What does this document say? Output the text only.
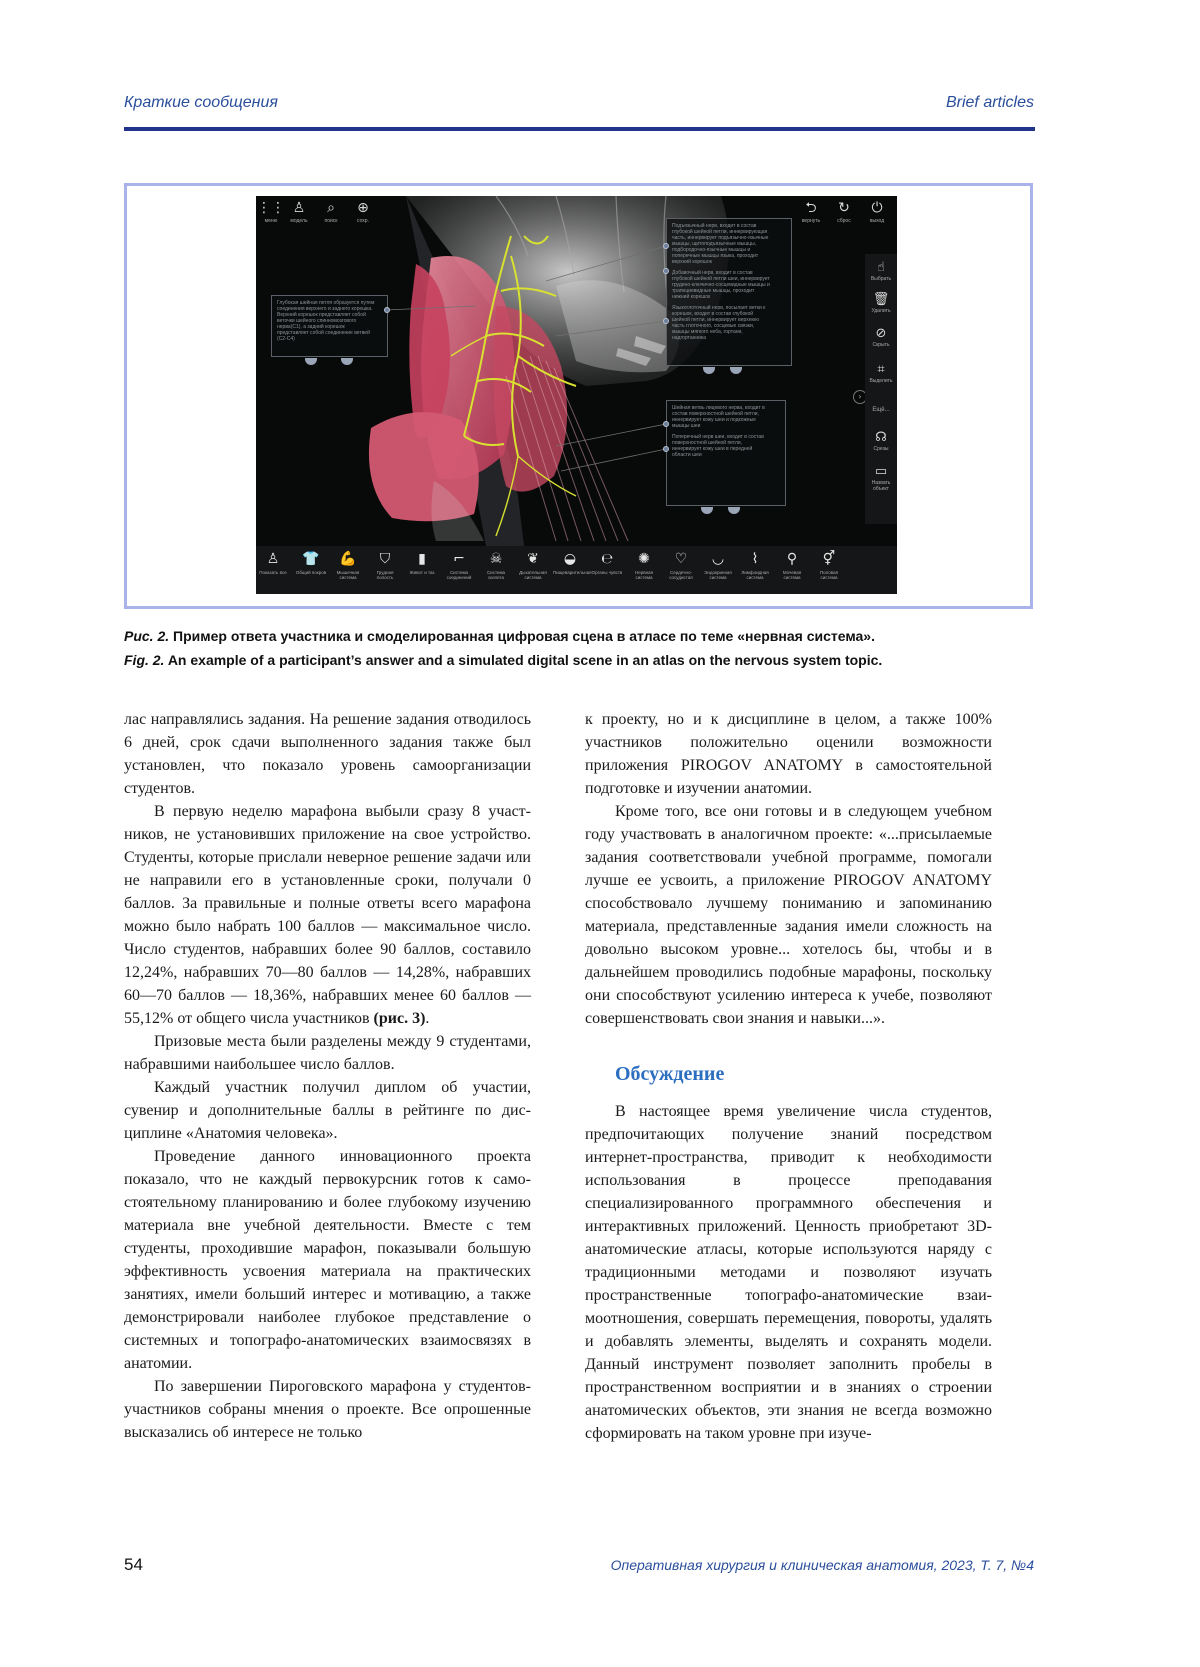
Краткие сообщения	Brief articles
⋮⋮
меню
♙
модель
⌕
поиск
⊕
сохр.
⮌
вернуть
↻
сброс
⏻
выход

Глубокая шейная петля образуется путем
соединения верхнего и заднего корешка.
Верхний корешок представляет собой
веточки шейного спинномозгового
нерва(C1), а задний корешок
представляет собой соединение ветвей
(C2-C4)

Подъязычный нерв, входит в состав
глубокой шейной петли, иннервирующая
часть, иннервирует подъязычно-язычные
мышцы, щитоподъязычные мышцы,
подбородочно-язычные мышцы и
поперечные мышцы языка, проходит
верхний корешок

Добавочный нерв, входит в состав
глубокой шейной петли шеи, иннервирует
грудино-ключично-сосцевидные мышцы и
трапециевидные мышцы, проходит
нижний корешок

Языкоглоточный нерв, посылает ветки к
корешок, входит в состав глубокой
шейной петли, иннервирует верхнюю
часть глоточного, сосцевые связки,
мышцы мягкого неба, гортани,
надгортанника

Шейная ветвь лицевого нерва, входит в
состав поверхностной шейной петли,
иннервирует кожу шеи и подкожные
мышцы шеи

Поперечный нерв шеи, входит в состав
поверхностной шейной петли,
иннервирует кожу шеи в передней
области шеи

›
☝
Выбрать
🗑
Удалить
⊘
Скрыть
⌗
Выделить
Ещё...
☊
Срезы
▭
Назвать объект
♙
Показать все
👕
Общий покров
💪
Мышечная система
⛉
Грудная полость
▮
Живот и таз
⌐
Система соединений
☠
Система скелета
❦
Дыхательная система
◒
Пищеварительная
℮
Органы чувств
✺
Нервная система
♡
Сердечно-сосудистая
◡
Эндокринная система
⌇
Лимфоидная система
⚲
Мочевая система
⚥
Половая система
Рис. 2. Пример ответа участника и смоделированная цифровая сцена в атласе по теме «нервная система».
Fig. 2. An example of a participant’s answer and a simulated digital scene in an atlas on the nervous system topic.

лас направлялись задания. На решение задания отводилось 6 дней, срок сдачи выполненного задания также был установлен, что показало уровень самоорганизации студентов.

В первую неделю марафона выбыли сразу 8 участников, не установивших приложение на свое устройство. Студенты, которые прислали неверное решение задачи или не направили его в установленные сроки, получали 0 баллов. За правильные и полные ответы всего марафона можно было набрать 100 баллов — максимальное число. Число студентов, набравших более 90 баллов, составило 12,24%, набравших 70—80 баллов — 14,28%, набравших 60—70 баллов — 18,36%, набравших менее 60 баллов — 55,12% от общего числа участников (рис. 3).

Призовые места были разделены между 9 студентами, набравшими наибольшее число баллов.

Каждый участник получил диплом об участии, сувенир и дополнительные баллы в рейтинге по дисциплине «Анатомия человека».

Проведение данного инновационного проекта показало, что не каждый первокурсник готов к самостоятельному планированию и более глубокому изучению материала вне учебной деятельности. Вместе с тем студенты, проходившие марафон, показывали большую эффективность усвоения материала на практических занятиях, имели больший интерес и мотивацию, а также демонстрировали наиболее глубокое представление о системных и топографо-анатомических взаимосвязях в анатомии.

По завершении Пироговского марафона у студентов-участников собраны мнения о проекте. Все опрошенные высказались об интересе не только

к проекту, но и к дисциплине в целом, а также 100% участников положительно оценили возможности приложения PIROGOV ANATOMY в самостоятельной подготовке и изучении анатомии.

Кроме того, все они готовы и в следующем учебном году участвовать в аналогичном проекте: «...присылаемые задания соответствовали учебной программе, помогали лучше ее усвоить, а приложение PIROGOV ANATOMY способствовало лучшему пониманию и запоминанию материала, представленные задания имели сложность на довольно высоком уровне... хотелось бы, чтобы и в дальнейшем проводились подобные марафоны, поскольку они способствуют усилению интереса к учебе, позволяют совершенствовать свои знания и навыки...».

Обсуждение

В настоящее время увеличение числа студентов, предпочитающих получение знаний посредством интернет-пространства, приводит к необходимости использования в процессе преподавания специализированного программного обеспечения и интерактивных приложений. Ценность приобретают 3D-анатомические атласы, которые используются наряду с традиционными методами и позволяют изучать пространственные топографо-анатомические взаимоотношения, совершать перемещения, повороты, удалять и добавлять элементы, выделять и сохранять модели. Данный инструмент позволяет заполнить пробелы в пространственном восприятии и в знаниях о строении анатомических объектов, эти знания не всегда возможно сформировать на таком уровне при изуче-

54	Оперативная хирургия и клиническая анатомия, 2023, Т. 7, №4
